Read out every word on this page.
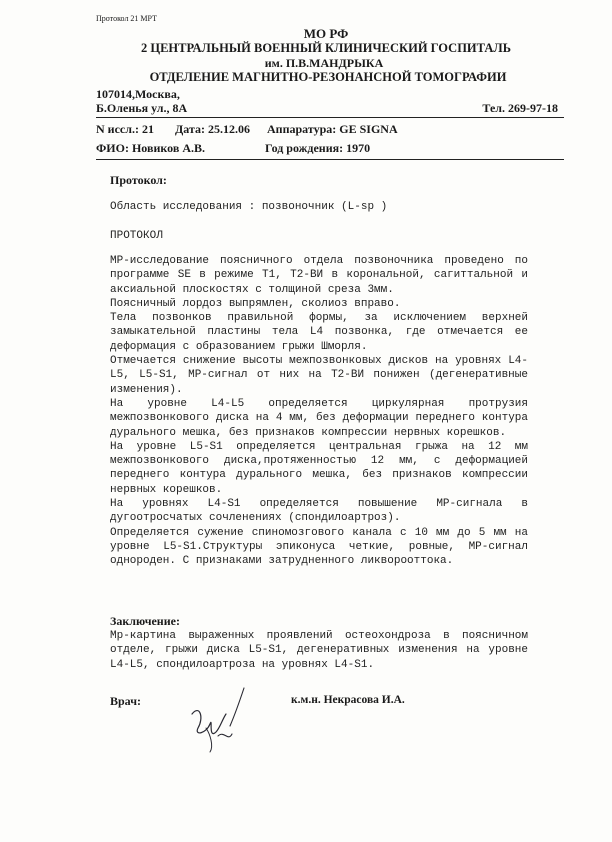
Протокол 21 МРТ
МО РФ
2 ЦЕНТРАЛЬНЫЙ ВОЕННЫЙ КЛИНИЧЕСКИЙ ГОСПИТАЛЬ
им. П.В.МАНДРЫКА
ОТДЕЛЕНИЕ МАГНИТНО-РЕЗОНАНСНОЙ ТОМОГРАФИИ
107014,Москва,
Б.Оленья ул., 8А	Тел. 269-97-18
N иссл.: 21 Дата: 25.12.06 Аппаратура: GE SIGNA
ФИО: Новиков А.В.	Год рождения: 1970
Протокол:
Область исследования : позвоночник (L-sp )
ПРОТОКОЛ

МР-исследование поясничного отдела позвоночника проведено по программе SE в режиме T1, T2-ВИ в корональной, сагиттальной и аксиальной плоскостях с толщиной среза 3мм.

Поясничный лордоз выпрямлен, сколиоз вправо.

Тела позвонков правильной формы, за исключением верхней замыкательной пластины тела L4 позвонка, где отмечается ее деформация с образованием грыжи Шморля.

Отмечается снижение высоты межпозвонковых дисков на уровнях L4-L5, L5-S1, МР-сигнал от них на Т2-ВИ понижен (дегенеративные изменения).

На уровне L4-L5 определяется циркулярная протрузия межпозвонкового диска на 4 мм, без деформации переднего контура дурального мешка, без признаков компрессии нервных корешков.

На уровне L5-S1 определяется центральная грыжа на 12 мм межпозвонкового диска,протяженностью 12 мм, с деформацией переднего контура дурального мешка, без признаков компрессии нервных корешков.

На уровнях L4-S1 определяется повышение МР-сигнала в дугоотросчатых сочленениях (спондилоартроз).

Определяется сужение спиномозгового канала с 10 мм до 5 мм на уровне L5-S1.Структуры эпиконуса четкие, ровные, МР-сигнал однороден. С признаками затрудненного ликворооттока.

Заключение:
Мр-картина выраженных проявлений остеохондроза в поясничном отделе, грыжи диска L5-S1, дегенеративных изменения на уровне L4-L5, спондилоартроза на уровнях L4-S1.
Врач:	к.м.н. Некрасова И.А.
